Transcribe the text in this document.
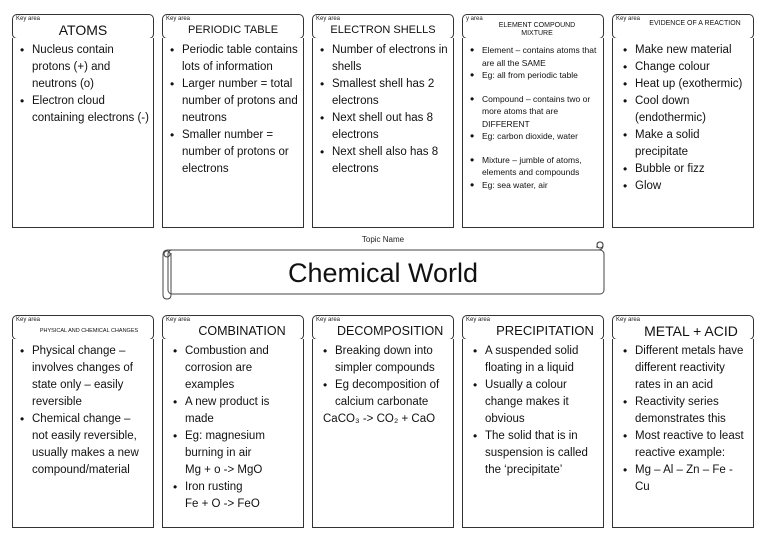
Key area
ATOMS
• Nucleus contain protons (+) and neutrons (o)
• Electron cloud containing electrons (-)
Key area
PERIODIC TABLE
• Periodic table contains lots of information
• Larger number = total number of protons and neutrons
• Smaller number = number of protons or electrons
Key area
ELECTRON SHELLS
• Number of electrons in shells
• Smallest shell has 2 electrons
• Next shell out has 8 electrons
• Next shell also has 8 electrons
y area
ELEMENT COMPOUND MIXTURE
• Element – contains atoms that are all the SAME
• Eg: all from periodic table
• Compound – contains two or more atoms that are DIFFERENT
• Eg: carbon dioxide, water
• Mixture – jumble of atoms, elements and compounds
• Eg: sea water, air
Key area
EVIDENCE OF A REACTION
• Make new material
• Change colour
• Heat up (exothermic)
• Cool down (endothermic)
• Make a solid precipitate
• Bubble or fizz
• Glow
Topic Name
Chemical World
Key area
PHYSICAL AND CHEMICAL CHANGES
• Physical change – involves changes of state only – easily reversible
• Chemical change – not easily reversible, usually makes a new compound/material
Key area
COMBINATION
• Combustion and corrosion are examples
• A new product is made
• Eg: magnesium burning in air
Mg + o -> MgO
• Iron rusting
Fe + O -> FeO
Key area
DECOMPOSITION
• Breaking down into simpler compounds
• Eg decomposition of calcium carbonate
CaCO₃ -> CO₂ + CaO
Key area
PRECIPITATION
• A suspended solid floating in a liquid
• Usually a colour change makes it obvious
• The solid that is in suspension is called the ‘precipitate’
Key area
METAL + ACID
• Different metals have different reactivity rates in an acid
• Reactivity series demonstrates this
• Most reactive to least reactive example:
• Mg – Al – Zn – Fe - Cu
